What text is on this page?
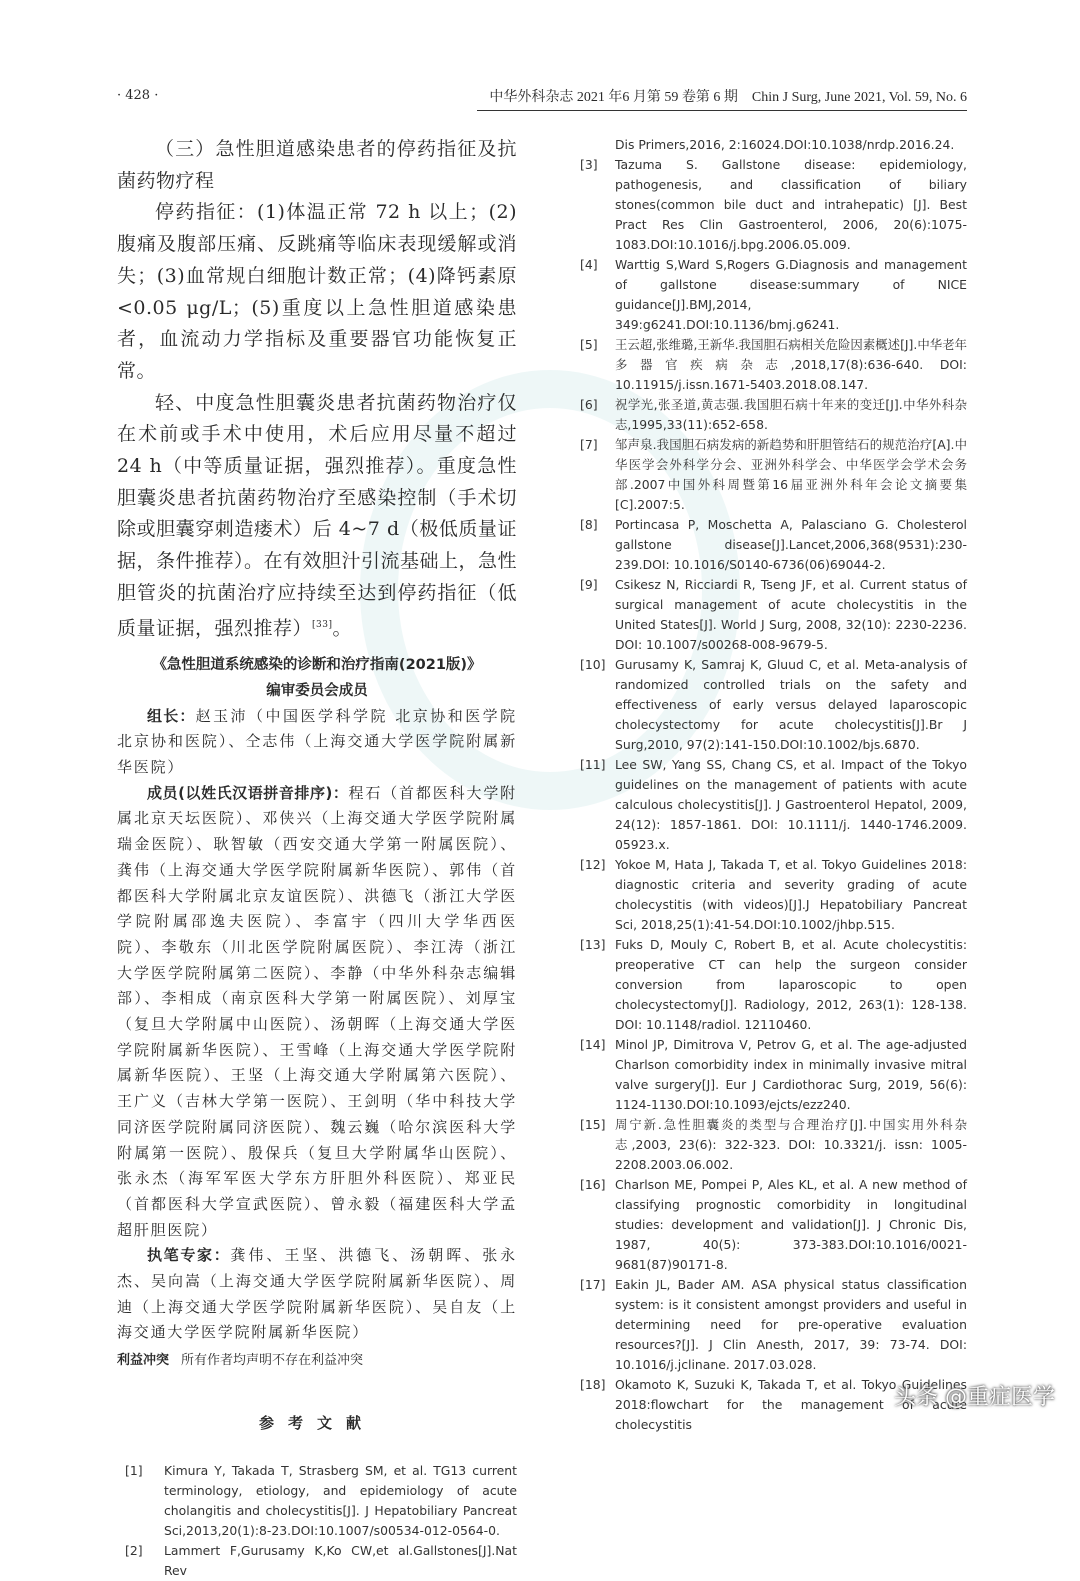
· 428 ·	中华外科杂志 2021 年6 月第 59 卷第 6 期　Chin J Surg, June 2021, Vol. 59, No. 6
（三）急性胆道感染患者的停药指征及抗菌药物疗程
停药指征：(1)体温正常 72 h 以上；(2)腹痛及腹部压痛、反跳痛等临床表现缓解或消失；(3)血常规白细胞计数正常；(4)降钙素原<0.05 μg/L；(5)重度以上急性胆道感染患者，血流动力学指标及重要器官功能恢复正常。
轻、中度急性胆囊炎患者抗菌药物治疗仅在术前或手术中使用，术后应用尽量不超过 24 h（中等质量证据，强烈推荐）。重度急性胆囊炎患者抗菌药物治疗至感染控制（手术切除或胆囊穿刺造瘘术）后 4~7 d（极低质量证据，条件推荐）。在有效胆汁引流基础上，急性胆管炎的抗菌治疗应持续至达到停药指征（低质量证据，强烈推荐）[33]。
《急性胆道系统感染的诊断和治疗指南(2021版)》
编审委员会成员
组长：赵玉沛（中国医学科学院 北京协和医学院 北京协和医院）、仝志伟（上海交通大学医学院附属新华医院）
成员(以姓氏汉语拼音排序)：程石（首都医科大学附属北京天坛医院）、邓侠兴（上海交通大学医学院附属瑞金医院）、耿智敏（西安交通大学第一附属医院）、龚伟（上海交通大学医学院附属新华医院）、郭伟（首都医科大学附属北京友谊医院）、洪德飞（浙江大学医学院附属邵逸夫医院）、李富宇（四川大学华西医院）、李敬东（川北医学院附属医院）、李江涛（浙江大学医学院附属第二医院）、李静（中华外科杂志编辑部）、李相成（南京医科大学第一附属医院）、刘厚宝（复旦大学附属中山医院）、汤朝晖（上海交通大学医学院附属新华医院）、王雪峰（上海交通大学医学院附属新华医院）、王坚（上海交通大学附属第六医院）、王广义（吉林大学第一医院）、王剑明（华中科技大学同济医学院附属同济医院）、魏云巍（哈尔滨医科大学附属第一医院）、殷保兵（复旦大学附属华山医院）、张永杰（海军军医大学东方肝胆外科医院）、郑亚民（首都医科大学宣武医院）、曾永毅（福建医科大学孟超肝胆医院）
执笔专家：龚伟、王坚、洪德飞、汤朝晖、张永杰、吴向嵩（上海交通大学医学院附属新华医院）、周迪（上海交通大学医学院附属新华医院）、吴自友（上海交通大学医学院附属新华医院）
利益冲突 所有作者均声明不存在利益冲突
参考文献
[1]	Kimura Y, Takada T, Strasberg SM, et al. TG13 current terminology, etiology, and epidemiology of acute cholangitis and cholecystitis[J]. J Hepatobiliary Pancreat Sci,2013,20(1):8-23.DOI:10.1007/s00534-012-0564-0.
[2]	Lammert F,Gurusamy K,Ko CW,et al.Gallstones[J].Nat Rev
Dis Primers,2016, 2:16024.DOI:10.1038/nrdp.2016.24.
[3]	Tazuma S. Gallstone disease: epidemiology, pathogenesis, and classification of biliary stones(common bile duct and intrahepatic) [J]. Best Pract Res Clin Gastroenterol, 2006, 20(6):1075-1083.DOI:10.1016/j.bpg.2006.05.009.
[4]	Warttig S,Ward S,Rogers G.Diagnosis and management of gallstone disease:summary of NICE guidance[J].BMJ,2014, 349:g6241.DOI:10.1136/bmj.g6241.
[5]	王云超,张维璐,王新华.我国胆石病相关危险因素概述[J].中华老年多器官疾病杂志,2018,17(8):636-640. DOI: 10.11915/j.issn.1671-5403.2018.08.147.
[6]	祝学光,张圣道,黄志强.我国胆石病十年来的变迁[J].中华外科杂志,1995,33(11):652-658.
[7]	邹声泉.我国胆石病发病的新趋势和肝胆管结石的规范治疗[A].中华医学会外科学分会、亚洲外科学会、中华医学会学术会务部.2007中国外科周暨第16届亚洲外科年会论文摘要集[C].2007:5.
[8]	Portincasa P, Moschetta A, Palasciano G. Cholesterol gallstone disease[J].Lancet,2006,368(9531):230-239.DOI: 10.1016/S0140-6736(06)69044-2.
[9]	Csikesz N, Ricciardi R, Tseng JF, et al. Current status of surgical management of acute cholecystitis in the United States[J]. World J Surg, 2008, 32(10): 2230-2236. DOI: 10.1007/s00268-008-9679-5.
[10] Gurusamy K, Samraj K, Gluud C, et al. Meta-analysis of randomized controlled trials on the safety and effectiveness of early versus delayed laparoscopic cholecystectomy for acute cholecystitis[J].Br J Surg,2010, 97(2):141-150.DOI:10.1002/bjs.6870.
[11] Lee SW, Yang SS, Chang CS, et al. Impact of the Tokyo guidelines on the management of patients with acute calculous cholecystitis[J]. J Gastroenterol Hepatol, 2009, 24(12): 1857-1861. DOI: 10.1111/j. 1440-1746.2009. 05923.x.
[12] Yokoe M, Hata J, Takada T, et al. Tokyo Guidelines 2018: diagnostic criteria and severity grading of acute cholecystitis (with videos)[J].J Hepatobiliary Pancreat Sci, 2018,25(1):41-54.DOI:10.1002/jhbp.515.
[13] Fuks D, Mouly C, Robert B, et al. Acute cholecystitis: preoperative CT can help the surgeon consider conversion from laparoscopic to open cholecystectomy[J]. Radiology, 2012, 263(1): 128-138. DOI: 10.1148/radiol. 12110460.
[14] Minol JP, Dimitrova V, Petrov G, et al. The age-adjusted Charlson comorbidity index in minimally invasive mitral valve surgery[J]. Eur J Cardiothorac Surg, 2019, 56(6): 1124-1130.DOI:10.1093/ejcts/ezz240.
[15] 周宁新.急性胆囊炎的类型与合理治疗[J].中国实用外科杂志,2003, 23(6): 322-323. DOI: 10.3321/j. issn: 1005-2208.2003.06.002.
[16] Charlson ME, Pompei P, Ales KL, et al. A new method of classifying prognostic comorbidity in longitudinal studies: development and validation[J]. J Chronic Dis, 1987, 40(5): 373-383.DOI:10.1016/0021-9681(87)90171-8.
[17] Eakin JL, Bader AM. ASA physical status classification system: is it consistent amongst providers and useful in determining need for pre-operative evaluation resources?[J]. J Clin Anesth, 2017, 39: 73-74. DOI: 10.1016/j.jclinane. 2017.03.028.
[18] Okamoto K, Suzuki K, Takada T, et al. Tokyo Guidelines 2018:flowchart for the management of acute cholecystitis
头条 @重症医学
